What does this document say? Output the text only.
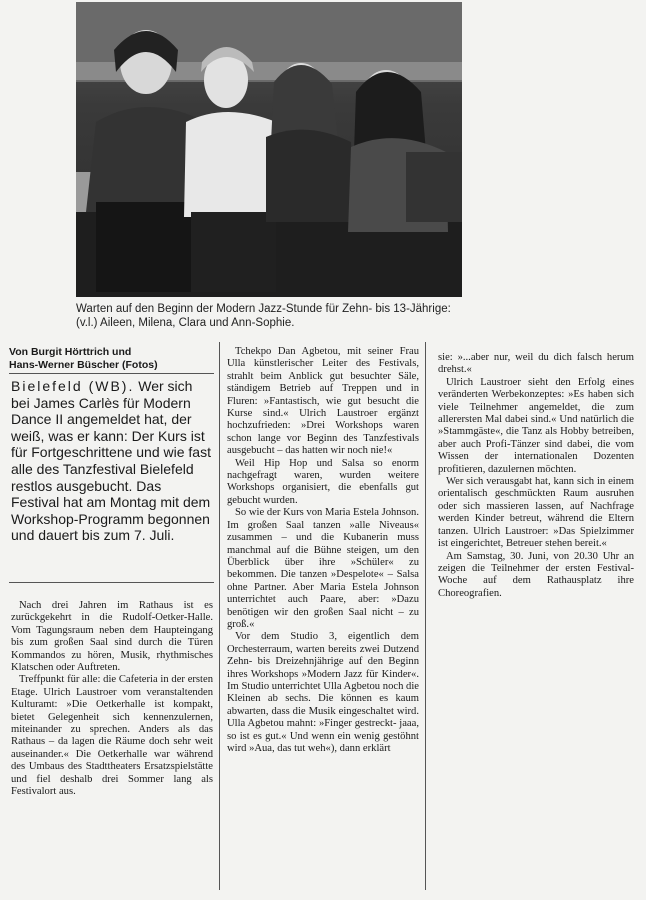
Warten auf den Beginn der Modern Jazz-Stunde für Zehn- bis 13-Jährige:
(v.l.) Aileen, Milena, Clara und Ann-Sophie.
Von Burgit Hörttrich und
Hans-Werner Büscher (Fotos)
Bielefeld (WB). Wer sich bei James Carlès für Modern Dance II angemeldet hat, der weiß, was er kann: Der Kurs ist für Fortgeschrittene und wie fast alle des Tanzfestival Bielefeld restlos ausgebucht. Das Festival hat am Montag mit dem Workshop-Programm begonnen und dauert bis zum 7. Juli.

Nach drei Jahren im Rathaus ist es zurückgekehrt in die Rudolf-Oetker-Halle. Vom Tagungsraum neben dem Haupteingang bis zum großen Saal sind durch die Türen Kommandos zu hören, Musik, rhythmisches Klatschen oder Auftreten.

Treffpunkt für alle: die Cafeteria in der ersten Etage. Ulrich Laustroer vom veranstaltenden Kulturamt: »Die Oetkerhalle ist kompakt, bietet Gelegenheit sich kennenzulernen, miteinander zu sprechen. Anders als das Rathaus – da lagen die Räume doch sehr weit auseinander.« Die Oetkerhalle war während des Umbaus des Stadttheaters Ersatzspielstätte und fiel deshalb drei Sommer lang als Festivalort aus.

Tchekpo Dan Agbetou, mit seiner Frau Ulla künstlerischer Leiter des Festivals, strahlt beim Anblick gut besuchter Säle, ständigem Betrieb auf Treppen und in Fluren: »Fantastisch, wie gut besucht die Kurse sind.« Ulrich Laustroer ergänzt hochzufrieden: »Drei Workshops waren schon lange vor Beginn des Tanzfestivals ausgebucht – das hatten wir noch nie!«

Weil Hip Hop und Salsa so enorm nachgefragt waren, wurden weitere Workshops organisiert, die ebenfalls gut gebucht wurden.

So wie der Kurs von Maria Estela Johnson. Im großen Saal tanzen »alle Niveaus« zusammen – und die Kubanerin muss manchmal auf die Bühne steigen, um den Überblick über ihre »Schüler« zu bekommen. Die tanzen »Despelote« – Salsa ohne Partner. Aber Maria Estela Johnson unterrichtet auch Paare, aber: »Dazu benötigen wir den großen Saal nicht – zu groß.«

Vor dem Studio 3, eigentlich dem Orchesterraum, warten bereits zwei Dutzend Zehn- bis Dreizehnjährige auf den Beginn ihres Workshops »Modern Jazz für Kinder«. Im Studio unterrichtet Ulla Agbetou noch die Kleinen ab sechs. Die können es kaum abwarten, dass die Musik eingeschaltet wird. Ulla Agbetou mahnt: »Finger gestreckt- jaaa, so ist es gut.« Und wenn ein wenig gestöhnt wird »Aua, das tut weh«), dann erklärt

sie: »...aber nur, weil du dich falsch herum drehst.«

Ulrich Laustroer sieht den Erfolg eines veränderten Werbekonzeptes: »Es haben sich viele Teilnehmer angemeldet, die zum allerersten Mal dabei sind.« Und natürlich die »Stammgäste«, die Tanz als Hobby betreiben, aber auch Profi-Tänzer sind dabei, die vom Wissen der internationalen Dozenten profitieren, dazulernen möchten.

Wer sich verausgabt hat, kann sich in einem orientalisch geschmückten Raum ausruhen oder sich massieren lassen, auf Nachfrage werden Kinder betreut, während die Eltern tanzen. Ulrich Laustroer: »Das Spielzimmer ist eingerichtet, Betreuer stehen bereit.«

Am Samstag, 30. Juni, von 20.30 Uhr an zeigen die Teilnehmer der ersten Festival-Woche auf dem Rathausplatz ihre Choreografien.
